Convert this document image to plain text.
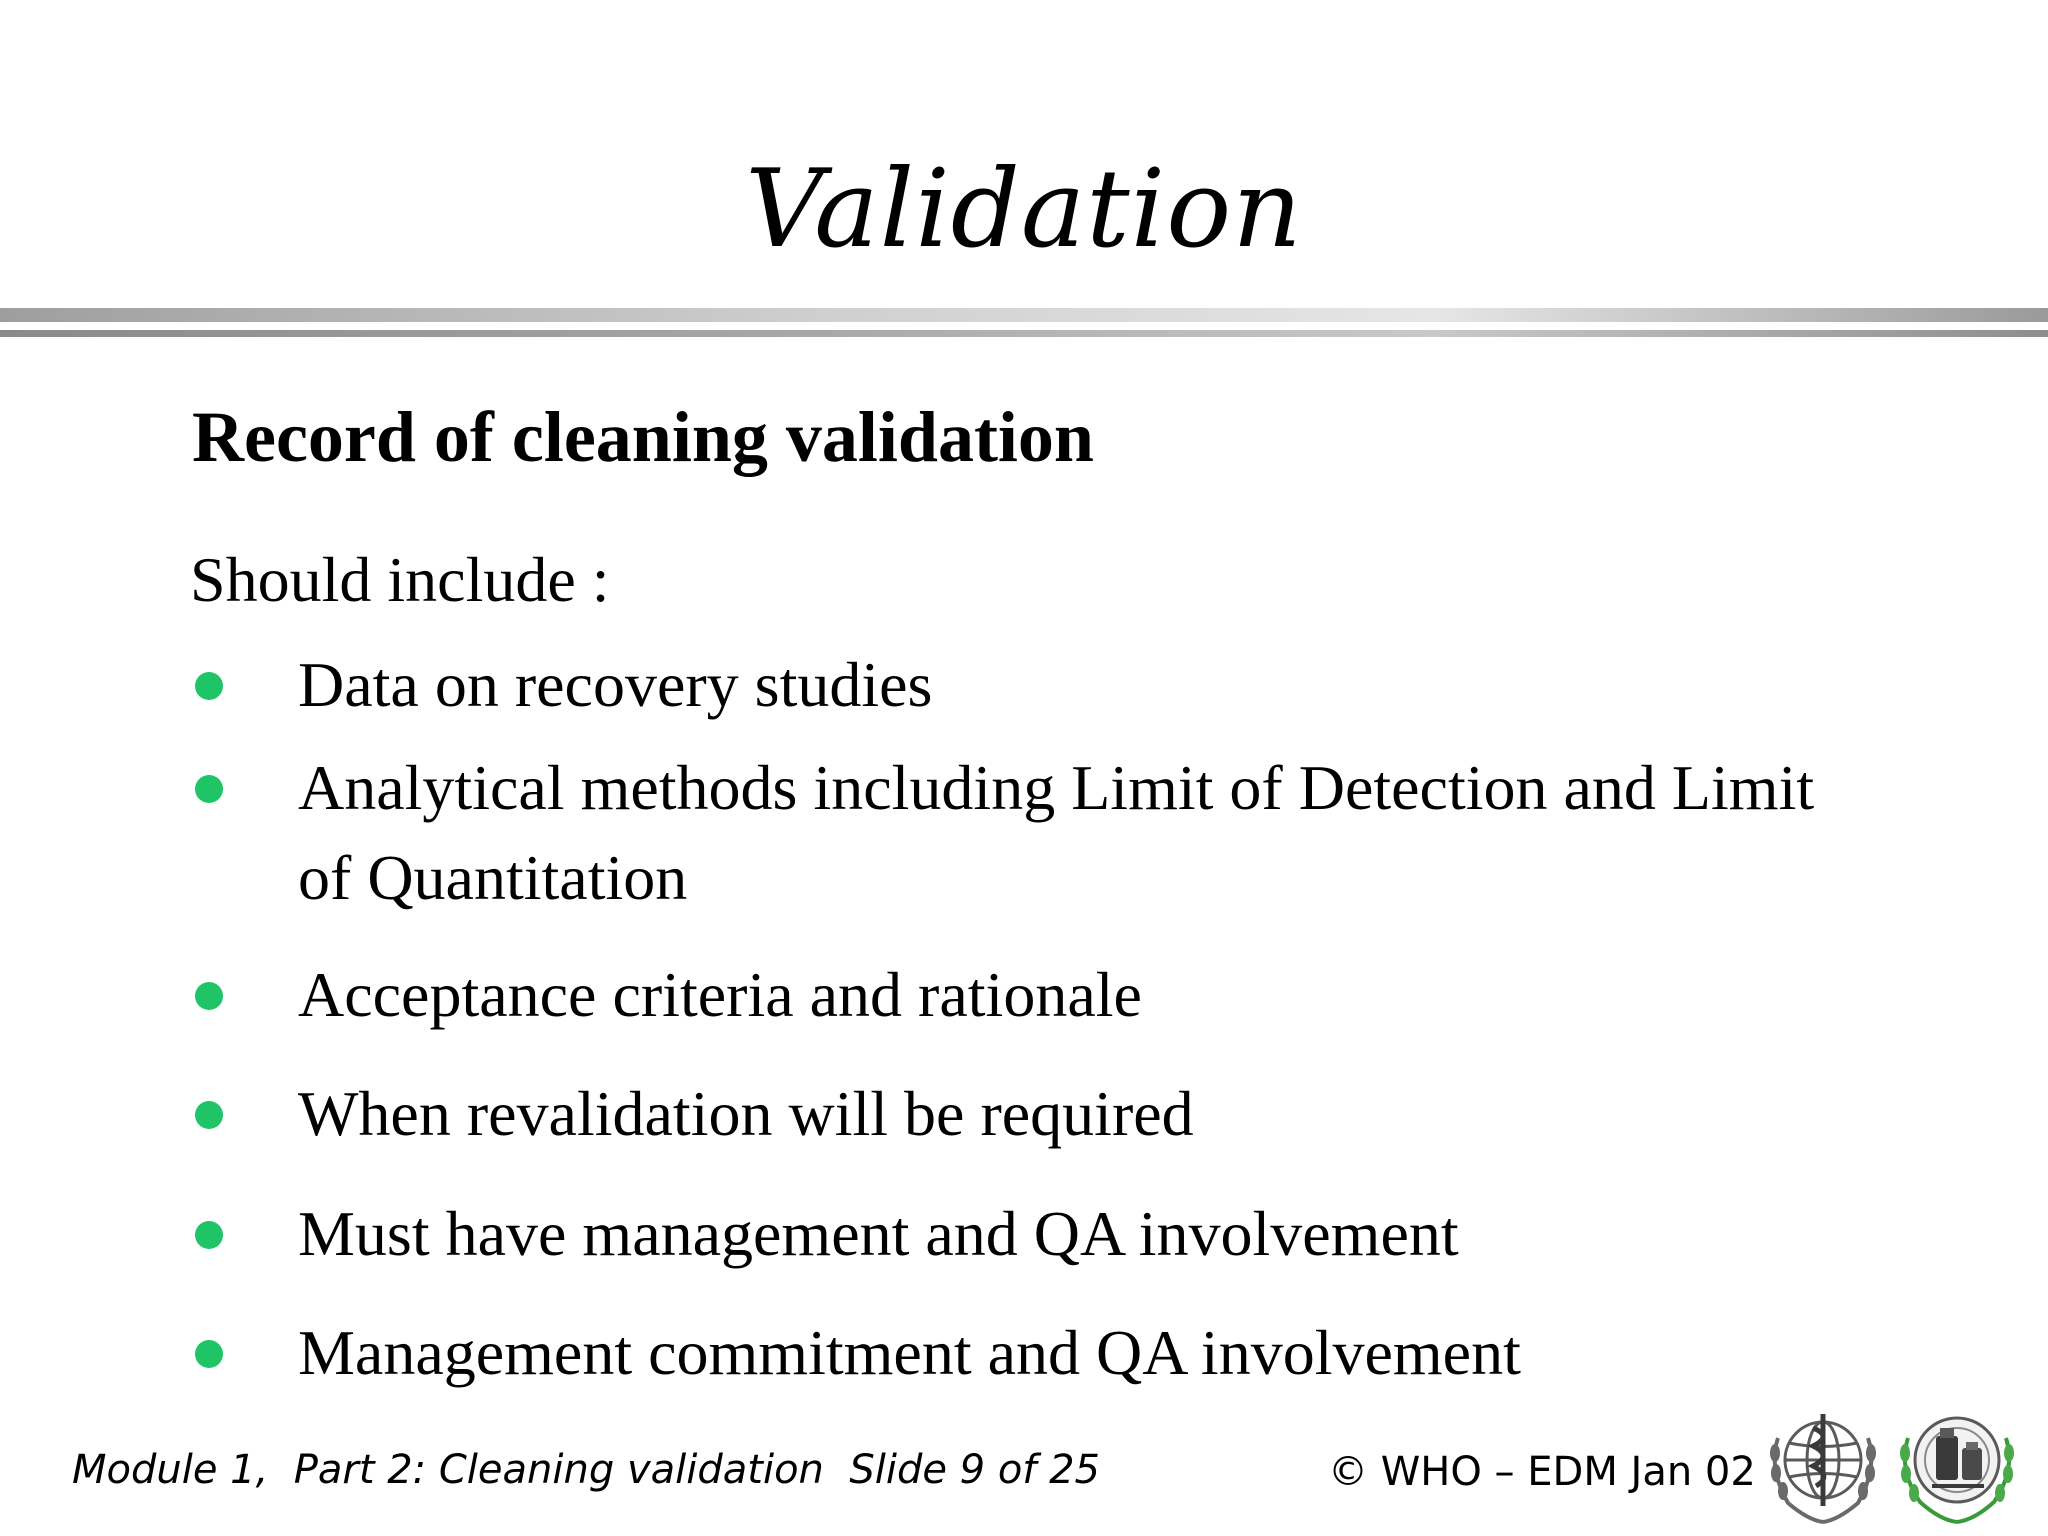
Validation
Record of cleaning validation
Should include :
Data on recovery studies
Analytical methods including Limit of Detection and Limit of Quantitation
Acceptance criteria and rationale
When revalidation will be required
Must have management and QA involvement
Management commitment and QA involvement
Module 1,  Part 2: Cleaning validation  Slide 9 of 25	© WHO – EDM Jan 02
